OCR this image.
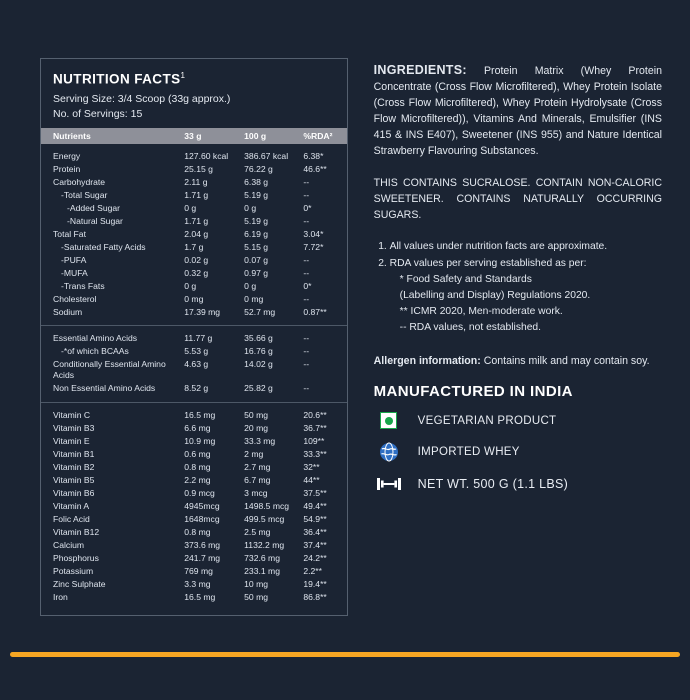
NUTRITION FACTS$^1$
Serving Size: 3/4 Scoop (33g approx.)
No. of Servings: 15
Nutrients	33 g	100 g	%RDA²

Energy	127.60 kcal	386.67 kcal	6.38*
Protein	25.15 g	76.22 g	46.6**
Carbohydrate	2.11 g	6.38 g	--
-Total Sugar	1.71 g	5.19 g	--
-Added Sugar	0 g	0 g	0*
-Natural Sugar	1.71 g	5.19 g	--
Total Fat	2.04 g	6.19 g	3.04*
-Saturated Fatty Acids	1.7 g	5.15 g	7.72*
-PUFA	0.02 g	0.07 g	--
-MUFA	0.32 g	0.97 g	--
-Trans Fats	0 g	0 g	0*
Cholesterol	0 mg	0 mg	--
Sodium	17.39 mg	52.7 mg	0.87**

Essential Amino Acids	11.77 g	35.66 g	--
-*of which BCAAs	5.53 g	16.76 g	--
Conditionally Essential Amino Acids	4.63 g	14.02 g	--
Non Essential Amino Acids	8.52 g	25.82 g	--

Vitamin C	16.5 mg	50 mg	20.6**
Vitamin B3	6.6 mg	20 mg	36.7**
Vitamin E	10.9 mg	33.3 mg	109**
Vitamin B1	0.6 mg	2 mg	33.3**
Vitamin B2	0.8 mg	2.7 mg	32**
Vitamin B5	2.2 mg	6.7 mg	44**
Vitamin B6	0.9 mcg	3 mcg	37.5**
Vitamin A	4945mcg	1498.5 mcg	49.4**
Folic Acid	1648mcg	499.5 mcg	54.9**
Vitamin B12	0.8 mg	2.5 mg	36.4**
Calcium	373.6 mg	1132.2 mg	37.4**
Phosphorus	241.7 mg	732.6 mg	24.2**
Potassium	769 mg	233.1 mg	2.2**
Zinc Sulphate	3.3 mg	10 mg	19.4**
Iron	16.5 mg	50 mg	86.8**
INGREDIENTS: Protein Matrix (Whey Protein Concentrate (Cross Flow Microfiltered), Whey Protein Isolate (Cross Flow Microfiltered), Whey Protein Hydrolysate (Cross Flow Microfiltered)), Vitamins And Minerals, Emulsifier (INS 415 & INS E407), Sweetener (INS 955) and Nature Identical Strawberry Flavouring Substances.
THIS CONTAINS SUCRALOSE. CONTAIN NON-CALORIC SWEETENER. CONTAINS NATURALLY OCCURRING SUGARS.
1. All values under nutrition facts are approximate.
2. RDA values per serving established as per:
* Food Safety and Standards
(Labelling and Display) Regulations 2020.
** ICMR 2020, Men-moderate work.
-- RDA values, not established.
Allergen information: Contains milk and may contain soy.
MANUFACTURED IN INDIA
VEGETARIAN PRODUCT
IMPORTED WHEY
NET WT. 500 G (1.1 LBS)
